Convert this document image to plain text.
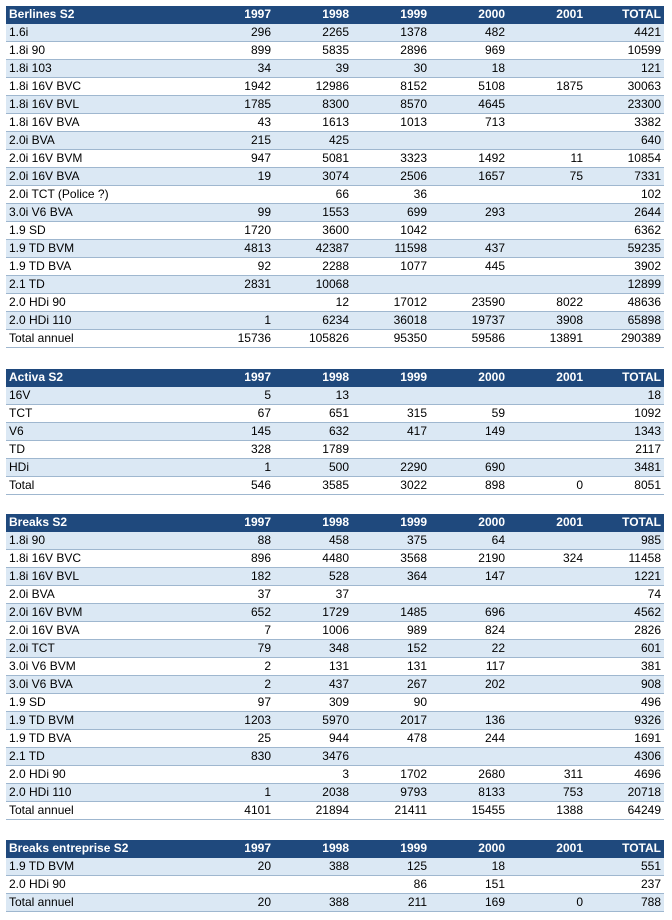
Berlines S2	1997	1998	1999	2000	2001	TOTAL
1.6i	296	2265	1378	482		4421
1.8i 90	899	5835	2896	969		10599
1.8i 103	34	39	30	18		121
1.8i 16V BVC	1942	12986	8152	5108	1875	30063
1.8i 16V BVL	1785	8300	8570	4645		23300
1.8i 16V BVA	43	1613	1013	713		3382
2.0i BVA	215	425				640
2.0i 16V BVM	947	5081	3323	1492	11	10854
2.0i 16V BVA	19	3074	2506	1657	75	7331
2.0i TCT (Police ?)		66	36			102
3.0i V6 BVA	99	1553	699	293		2644
1.9 SD	1720	3600	1042			6362
1.9 TD BVM	4813	42387	11598	437		59235
1.9 TD BVA	92	2288	1077	445		3902
2.1 TD	2831	10068				12899
2.0 HDi 90		12	17012	23590	8022	48636
2.0 HDi 110	1	6234	36018	19737	3908	65898
Total annuel	15736	105826	95350	59586	13891	290389
Activa S2	1997	1998	1999	2000	2001	TOTAL
16V	5	13				18
TCT	67	651	315	59		1092
V6	145	632	417	149		1343
TD	328	1789				2117
HDi	1	500	2290	690		3481
Total	546	3585	3022	898	0	8051
Breaks S2	1997	1998	1999	2000	2001	TOTAL
1.8i 90	88	458	375	64		985
1.8i 16V BVC	896	4480	3568	2190	324	11458
1.8i 16V BVL	182	528	364	147		1221
2.0i BVA	37	37				74
2.0i 16V BVM	652	1729	1485	696		4562
2.0i 16V BVA	7	1006	989	824		2826
2.0i TCT	79	348	152	22		601
3.0i V6 BVM	2	131	131	117		381
3.0i V6 BVA	2	437	267	202		908
1.9 SD	97	309	90			496
1.9 TD BVM	1203	5970	2017	136		9326
1.9 TD BVA	25	944	478	244		1691
2.1 TD	830	3476				4306
2.0 HDi 90		3	1702	2680	311	4696
2.0 HDi 110	1	2038	9793	8133	753	20718
Total annuel	4101	21894	21411	15455	1388	64249
Breaks entreprise S2	1997	1998	1999	2000	2001	TOTAL
1.9 TD BVM	20	388	125	18		551
2.0 HDi 90			86	151		237
Total annuel	20	388	211	169	0	788
